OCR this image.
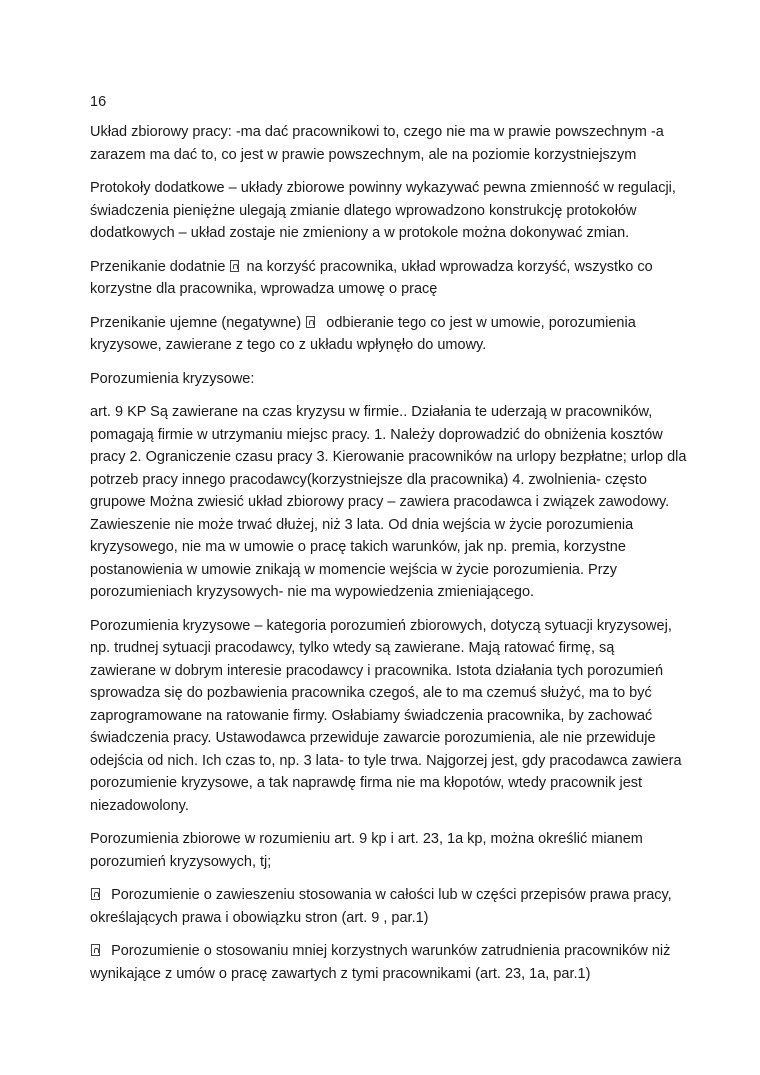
16

Układ zbiorowy pracy: -ma dać pracownikowi to, czego nie ma w prawie powszechnym -a
zarazem ma dać to, co jest w prawie powszechnym, ale na poziomie korzystniejszym

Protokoły dodatkowe – układy zbiorowe powinny wykazywać pewna zmienność w regulacji,
świadczenia pieniężne ulegają zmianie dlatego wprowadzono konstrukcję protokołów
dodatkowych – układ zostaje nie zmieniony a w protokole można dokonywać zmian.

Przenikanie dodatnie na korzyść pracownika, układ wprowadza korzyść, wszystko co
korzystne dla pracownika, wprowadza umowę o pracę

Przenikanie ujemne (negatywne) odbieranie tego co jest w umowie, porozumienia
kryzysowe, zawierane z tego co z układu wpłynęło do umowy.

Porozumienia kryzysowe:

art. 9 KP Są zawierane na czas kryzysu w firmie.. Działania te uderzają w pracowników,
pomagają firmie w utrzymaniu miejsc pracy. 1. Należy doprowadzić do obniżenia kosztów
pracy 2. Ograniczenie czasu pracy 3. Kierowanie pracowników na urlopy bezpłatne; urlop dla
potrzeb pracy innego pracodawcy(korzystniejsze dla pracownika) 4. zwolnienia- często
grupowe Można zwiesić układ zbiorowy pracy – zawiera pracodawca i związek zawodowy.
Zawieszenie nie może trwać dłużej, niż 3 lata. Od dnia wejścia w życie porozumienia
kryzysowego, nie ma w umowie o pracę takich warunków, jak np. premia, korzystne
postanowienia w umowie znikają w momencie wejścia w życie porozumienia. Przy
porozumieniach kryzysowych- nie ma wypowiedzenia zmieniającego.

Porozumienia kryzysowe – kategoria porozumień zbiorowych, dotyczą sytuacji kryzysowej,
np. trudnej sytuacji pracodawcy, tylko wtedy są zawierane. Mają ratować firmę, są
zawierane w dobrym interesie pracodawcy i pracownika. Istota działania tych porozumień
sprowadza się do pozbawienia pracownika czegoś, ale to ma czemuś służyć, ma to być
zaprogramowane na ratowanie firmy. Osłabiamy świadczenia pracownika, by zachować
świadczenia pracy. Ustawodawca przewiduje zawarcie porozumienia, ale nie przewiduje
odejścia od nich. Ich czas to, np. 3 lata- to tyle trwa. Najgorzej jest, gdy pracodawca zawiera
porozumienie kryzysowe, a tak naprawdę firma nie ma kłopotów, wtedy pracownik jest
niezadowolony.

Porozumienia zbiorowe w rozumieniu art. 9 kp i art. 23, 1a kp, można określić mianem
porozumień kryzysowych, tj;

Porozumienie o zawieszeniu stosowania w całości lub w części przepisów prawa pracy,
określających prawa i obowiązku stron (art. 9 , par.1)

Porozumienie o stosowaniu mniej korzystnych warunków zatrudnienia pracowników niż
wynikające z umów o pracę zawartych z tymi pracownikami (art. 23, 1a, par.1)
